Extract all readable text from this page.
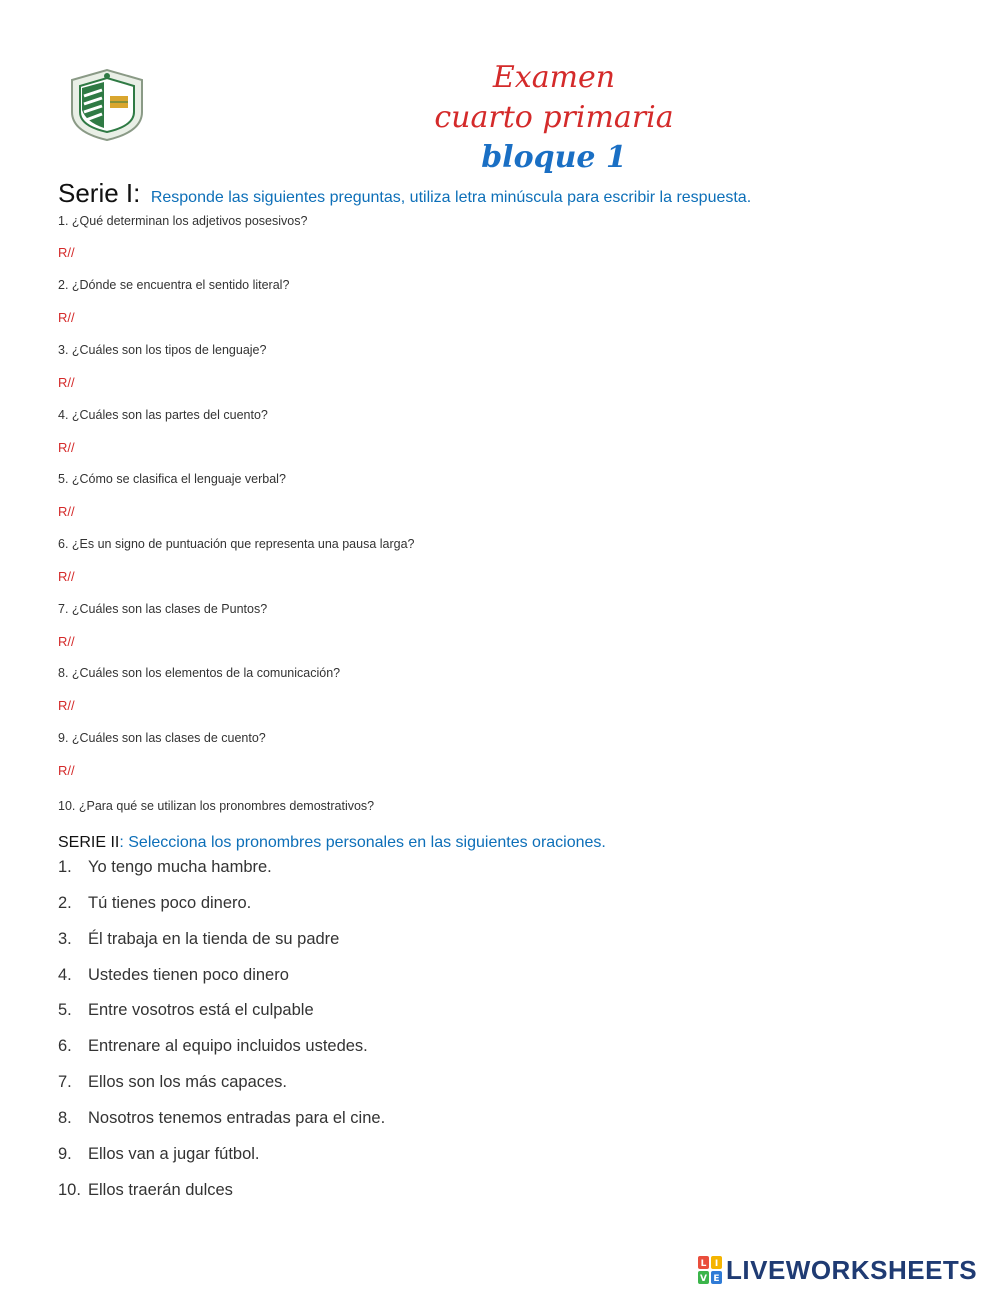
Examen
cuarto primaria
bloque 1
Serie I: Responde las siguientes preguntas, utiliza letra minúscula para escribir la respuesta.
1. ¿Qué determinan los adjetivos posesivos?
R//
2. ¿Dónde se encuentra el sentido literal?
R//
3. ¿Cuáles son los tipos de lenguaje?
R//
4. ¿Cuáles son las partes del cuento?
R//
5. ¿Cómo se clasifica el lenguaje verbal?
R//
6. ¿Es un signo de puntuación que representa una pausa larga?
R//
7. ¿Cuáles son las clases de Puntos?
R//
8. ¿Cuáles son los elementos de la comunicación?
R//
9. ¿Cuáles son las clases de cuento?
R//
10. ¿Para qué se utilizan los pronombres demostrativos?
SERIE II: Selecciona los pronombres personales en las siguientes oraciones.
1. Yo tengo mucha hambre.
2. Tú tienes poco dinero.
3. Él trabaja en la tienda de su padre
4. Ustedes tienen poco dinero
5. Entre vosotros está el culpable
6. Entrenare al equipo incluidos ustedes.
7. Ellos son los más capaces.
8. Nosotros tenemos entradas para el cine.
9. Ellos van a jugar fútbol.
10. Ellos traerán dulces
L I
V E LIVEWORKSHEETS
